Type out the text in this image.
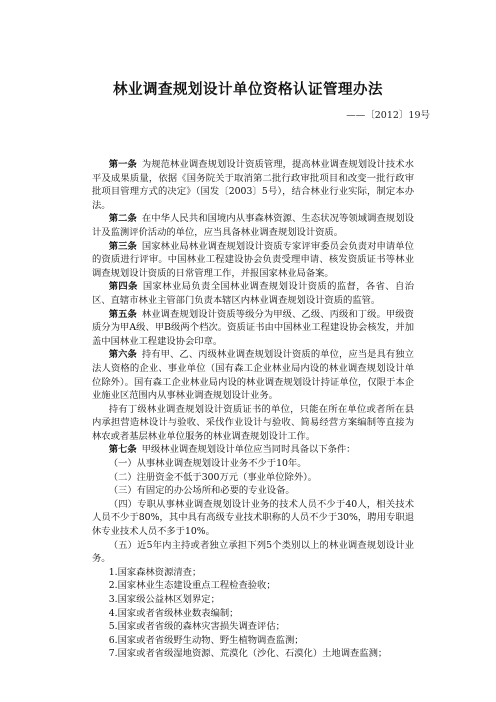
林业调查规划设计单位资格认证管理办法
——〔2012〕19号

第一条 为规范林业调查规划设计资质管理，提高林业调查规划设计技术水平及成果质量，依据《国务院关于取消第二批行政审批项目和改变一批行政审批项目管理方式的决定》（国发〔2003〕5号），结合林业行业实际，制定本办法。

第二条 在中华人民共和国境内从事森林资源、生态状况等领域调查规划设计及监测评价活动的单位，应当具备林业调查规划设计资质。

第三条 国家林业局林业调查规划设计资质专家评审委员会负责对申请单位的资质进行评审。中国林业工程建设协会负责受理申请、核发资质证书等林业调查规划设计资质的日常管理工作，并报国家林业局备案。

第四条 国家林业局负责全国林业调查规划设计资质的监督，各省、自治区、直辖市林业主管部门负责本辖区内林业调查规划设计资质的监管。

第五条 林业调查规划设计资质等级分为甲级、乙级、丙级和丁级。甲级资质分为甲A级、甲B级两个档次。资质证书由中国林业工程建设协会核发，并加盖中国林业工程建设协会印章。

第六条 持有甲、乙、丙级林业调查规划设计资质的单位，应当是具有独立法人资格的企业、事业单位（国有森工企业林业局内设的林业调查规划设计单位除外）。国有森工企业林业局内设的林业调查规划设计持证单位，仅限于本企业施业区范围内从事林业调查规划设计业务。

持有丁级林业调查规划设计资质证书的单位，只能在所在单位或者所在县内承担营造林设计与验收、采伐作业设计与验收、简易经营方案编制等直接为林农或者基层林业单位服务的林业调查规划设计工作。

第七条 甲级林业调查规划设计单位应当同时具备以下条件：

（一）从事林业调查规划设计业务不少于10年。

（二）注册资金不低于300万元（事业单位除外）。

（三）有固定的办公场所和必要的专业设备。

（四）专职从事林业调查规划设计业务的技术人员不少于40人，相关技术人员不少于80%，其中具有高级专业技术职称的人员不少于30%，聘用专职退休专业技术人员不多于10%。

（五）近5年内主持或者独立承担下列5个类别以上的林业调查规划设计业务。

1.国家森林资源清查；

2.国家林业生态建设重点工程检查验收；

3.国家级公益林区划界定；

4.国家或者省级林业数表编制；

5.国家或者省级的森林灾害损失调查评估；

6.国家或者省级野生动物、野生植物调查监测；

7.国家或者省级湿地资源、荒漠化（沙化、石漠化）土地调查监测；
